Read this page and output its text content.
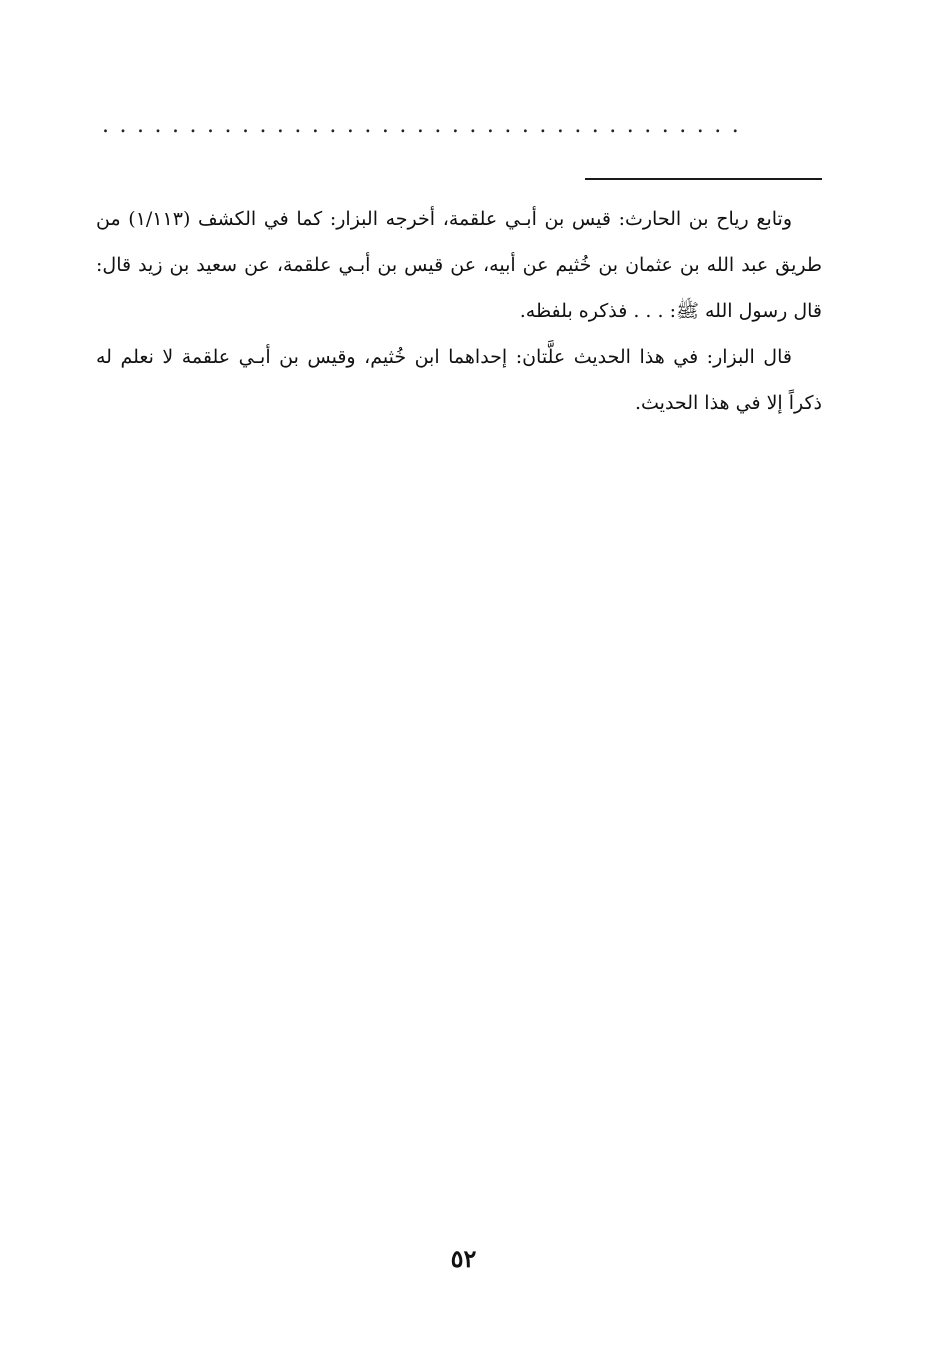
.....................................

وتابع رياح بن الحارث: قيس بن أبـي علقمة، أخرجه البزار: كما في الكشف (١/١١٣) من طريق عبد الله بن عثمان بن خُثيم عن أبيه، عن قيس بن أبـي علقمة، عن سعيد بن زيد قال: قال رسول الله ﷺ: . . . فذكره بلفظه.

قال البزار: في هذا الحديث علَّتان: إحداهما ابن خُثيم، وقيس بن أبـي علقمة لا نعلم له ذكراً إلا في هذا الحديث.

٥٢
